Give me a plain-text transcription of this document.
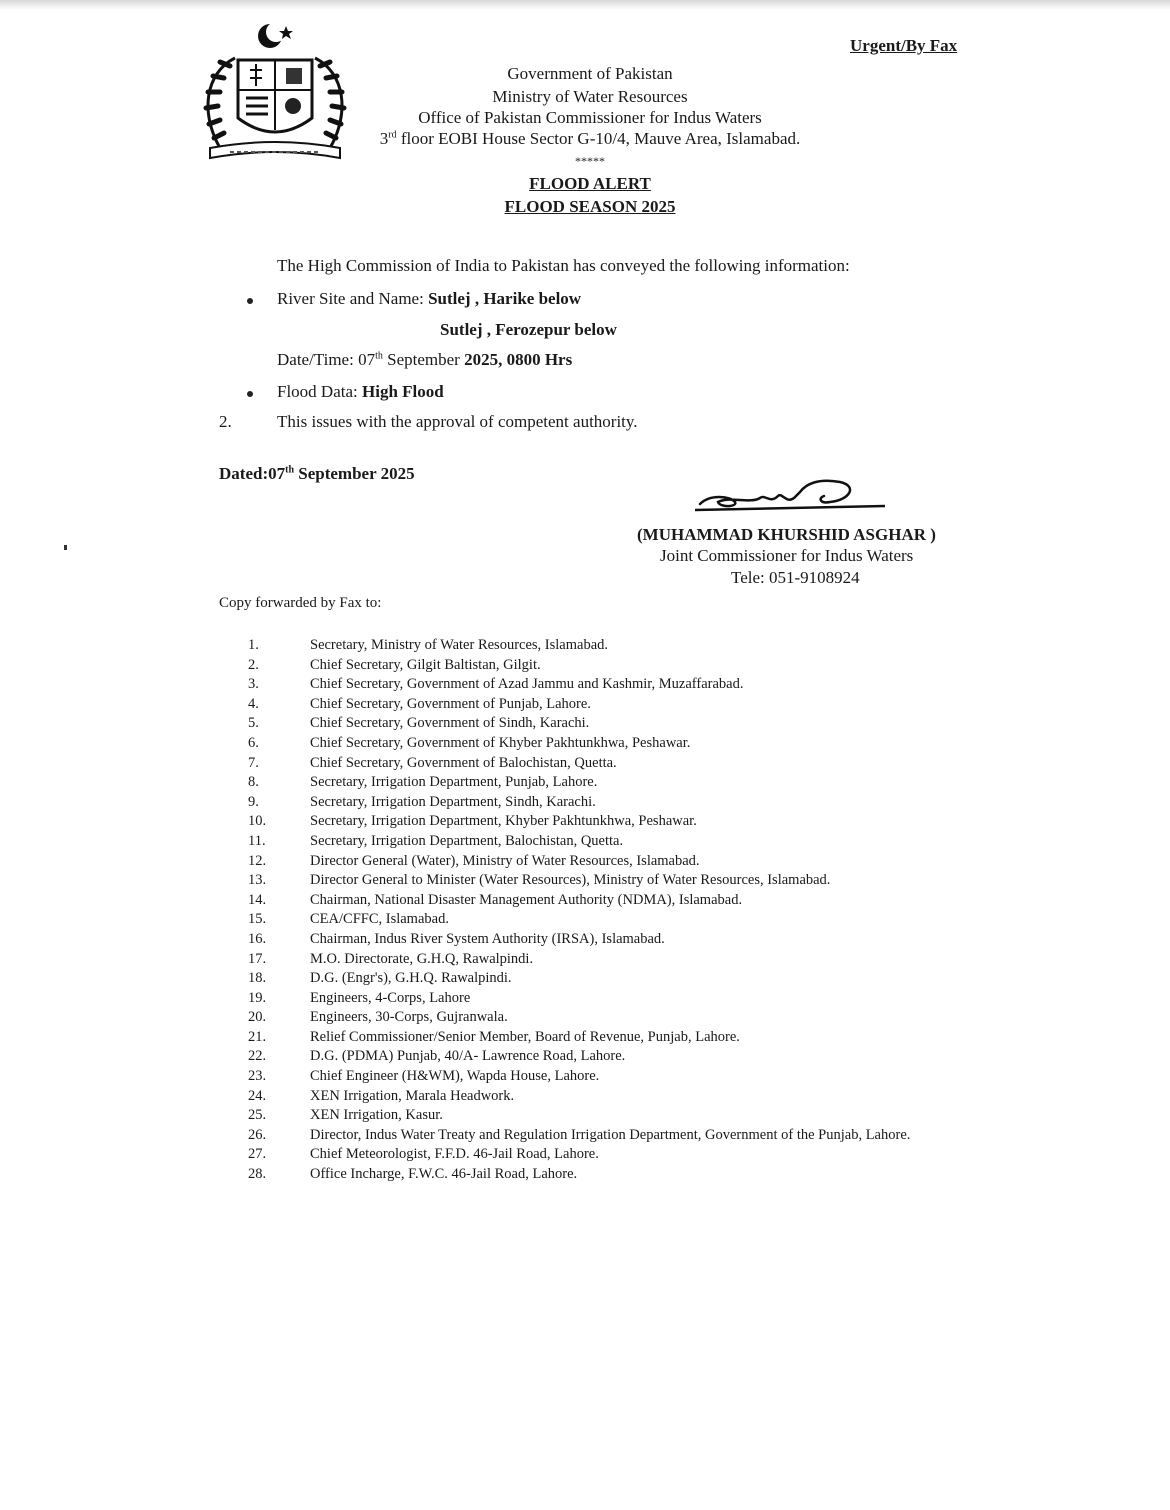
Urgent/By Fax
Government of Pakistan
Ministry of Water Resources
Office of Pakistan Commissioner for Indus Waters
3rd floor EOBI House Sector G-10/4, Mauve Area, Islamabad.
*****
FLOOD ALERT
FLOOD SEASON 2025
The High Commission of India to Pakistan has conveyed the following information:
River Site and Name: Sutlej , Harike below
Sutlej , Ferozepur below
Date/Time: 07th September 2025, 0800 Hrs
Flood Data: High Flood
2.	This issues with the approval of competent authority.
Dated:07th September 2025
(MUHAMMAD KHURSHID ASGHAR )
Joint Commissioner for Indus Waters
Tele: 051-9108924
Copy forwarded by Fax to:
1.	Secretary, Ministry of Water Resources, Islamabad.
2.	Chief Secretary, Gilgit Baltistan, Gilgit.
3.	Chief Secretary, Government of Azad Jammu and Kashmir, Muzaffarabad.
4.	Chief Secretary, Government of Punjab, Lahore.
5.	Chief Secretary, Government of Sindh, Karachi.
6.	Chief Secretary, Government of Khyber Pakhtunkhwa, Peshawar.
7.	Chief Secretary, Government of Balochistan, Quetta.
8.	Secretary, Irrigation Department, Punjab, Lahore.
9.	Secretary, Irrigation Department, Sindh, Karachi.
10.	Secretary, Irrigation Department, Khyber Pakhtunkhwa, Peshawar.
11.	Secretary, Irrigation Department, Balochistan, Quetta.
12.	Director General (Water), Ministry of Water Resources, Islamabad.
13.	Director General to Minister (Water Resources), Ministry of Water Resources, Islamabad.
14.	Chairman, National Disaster Management Authority (NDMA), Islamabad.
15.	CEA/CFFC, Islamabad.
16.	Chairman, Indus River System Authority (IRSA), Islamabad.
17.	M.O. Directorate, G.H.Q, Rawalpindi.
18.	D.G. (Engr's), G.H.Q. Rawalpindi.
19.	Engineers, 4-Corps, Lahore
20.	Engineers, 30-Corps, Gujranwala.
21.	Relief Commissioner/Senior Member, Board of Revenue, Punjab, Lahore.
22.	D.G. (PDMA) Punjab, 40/A- Lawrence Road, Lahore.
23.	Chief Engineer (H&WM), Wapda House, Lahore.
24.	XEN Irrigation, Marala Headwork.
25.	XEN Irrigation, Kasur.
26.	Director, Indus Water Treaty and Regulation Irrigation Department, Government of the Punjab, Lahore.
27.	Chief Meteorologist, F.F.D. 46-Jail Road, Lahore.
28.	Office Incharge, F.W.C. 46-Jail Road, Lahore.
